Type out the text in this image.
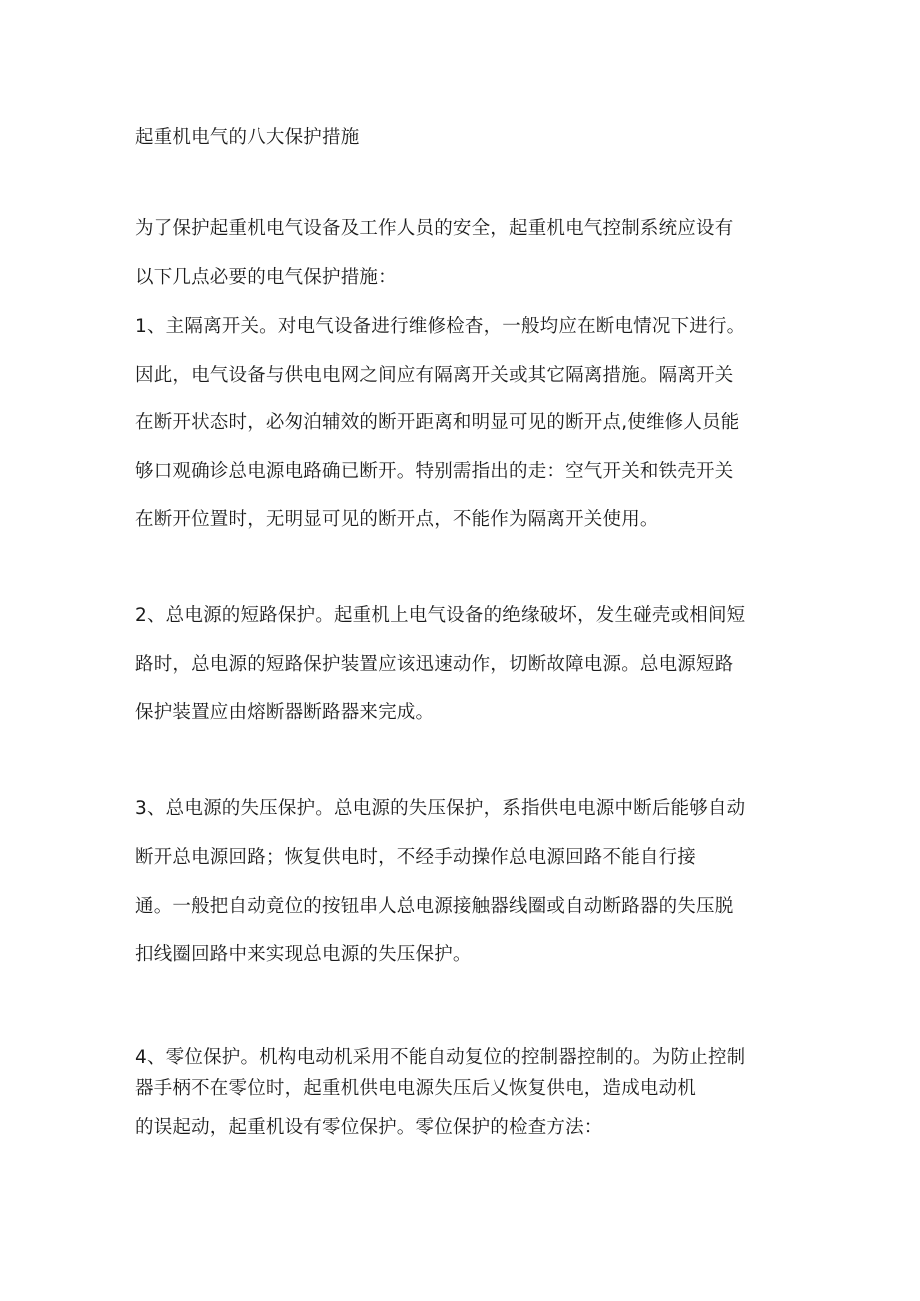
起重机电气的八大保护措施
为了保护起重机电气设备及工作人员的安全，起重机电气控制系统应设有
以下几点必要的电气保护措施：
1、主隔离开关。对电气设备进行维修检杳，一般均应在断电情况下进行。
因此，电气设备与供电电网之间应有隔离开关或其它隔离措施。隔离开关
在断开状态时，必匆泊辅效的断开距离和明显可见的断开点,使维修人员能
够口观确诊总电源电路确已断开。特别需指出的走：空气开关和铁壳开关
在断开位置时，无明显可见的断开点，不能作为隔离开关使用。
2、总电源的短路保护。起重机上电气设备的绝缘破坏，发生碰壳或相间短
路时，总电源的短路保护装置应该迅速动作，切断故障电源。总电源短路
保护装置应由熔断器断路器来完成。
3、总电源的失压保护。总电源的失压保护，系指供电电源中断后能够自动
断开总电源回路；恢复供电时，不经手动操作总电源回路不能自行接
通。一般把自动竟位的按钮串人总电源接触器线圈或自动断路器的失压脱
扣线圈回路中来实现总电源的失压保护。
4、零位保护。机构电动机采用不能自动复位的控制器控制的。为防止控制
器手柄不在零位时，起重机供电电源失压后乂恢复供电，造成电动机
的误起动，起重机设有零位保护。零位保护的检查方法：
